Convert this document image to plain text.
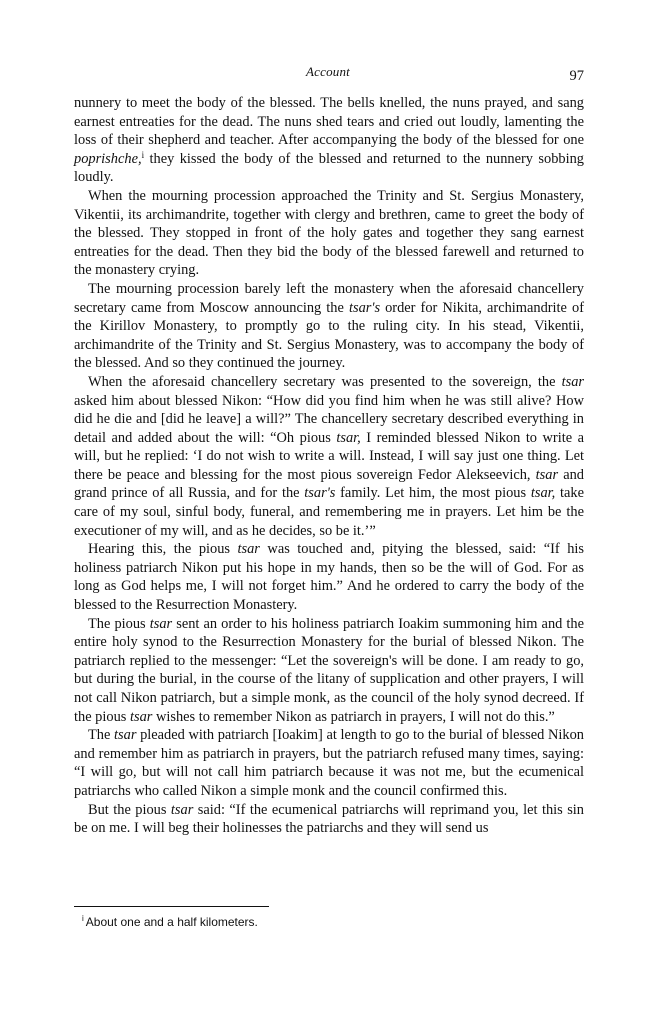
Account	97

nunnery to meet the body of the blessed. The bells knelled, the nuns prayed, and sang earnest entreaties for the dead. The nuns shed tears and cried out loudly, lamenting the loss of their shepherd and teacher. After accompanying the body of the blessed for one poprishche,$^i$ they kissed the body of the blessed and returned to the nunnery sobbing loudly.

When the mourning procession approached the Trinity and St. Sergius Monastery, Vikentii, its archimandrite, together with clergy and brethren, came to greet the body of the blessed. They stopped in front of the holy gates and together they sang earnest entreaties for the dead. Then they bid the body of the blessed farewell and returned to the monastery crying.

The mourning procession barely left the monastery when the aforesaid chancellery secretary came from Moscow announcing the tsar's order for Nikita, archimandrite of the Kirillov Monastery, to promptly go to the ruling city. In his stead, Vikentii, archimandrite of the Trinity and St. Sergius Monastery, was to accompany the body of the blessed. And so they continued the journey.

When the aforesaid chancellery secretary was presented to the sovereign, the tsar asked him about blessed Nikon: “How did you find him when he was still alive? How did he die and [did he leave] a will?” The chancellery secretary described everything in detail and added about the will: “Oh pious tsar, I reminded blessed Nikon to write a will, but he replied: ‘I do not wish to write a will. Instead, I will say just one thing. Let there be peace and blessing for the most pious sovereign Fedor Alekseevich, tsar and grand prince of all Russia, and for the tsar's family. Let him, the most pious tsar, take care of my soul, sinful body, funeral, and remembering me in prayers. Let him be the executioner of my will, and as he decides, so be it.’”

Hearing this, the pious tsar was touched and, pitying the blessed, said: “If his holiness patriarch Nikon put his hope in my hands, then so be the will of God. For as long as God helps me, I will not forget him.” And he ordered to carry the body of the blessed to the Resurrection Monastery.

The pious tsar sent an order to his holiness patriarch Ioakim summoning him and the entire holy synod to the Resurrection Monastery for the burial of blessed Nikon. The patriarch replied to the messenger: “Let the sovereign's will be done. I am ready to go, but during the burial, in the course of the litany of supplication and other prayers, I will not call Nikon patriarch, but a simple monk, as the council of the holy synod decreed. If the pious tsar wishes to remember Nikon as patriarch in prayers, I will not do this.”

The tsar pleaded with patriarch [Ioakim] at length to go to the burial of blessed Nikon and remember him as patriarch in prayers, but the patriarch refused many times, saying: “I will go, but will not call him patriarch because it was not me, but the ecumenical patriarchs who called Nikon a simple monk and the council confirmed this.

But the pious tsar said: “If the ecumenical patriarchs will reprimand you, let this sin be on me. I will beg their holinesses the patriarchs and they will send us

$^i$ About one and a half kilometers.
